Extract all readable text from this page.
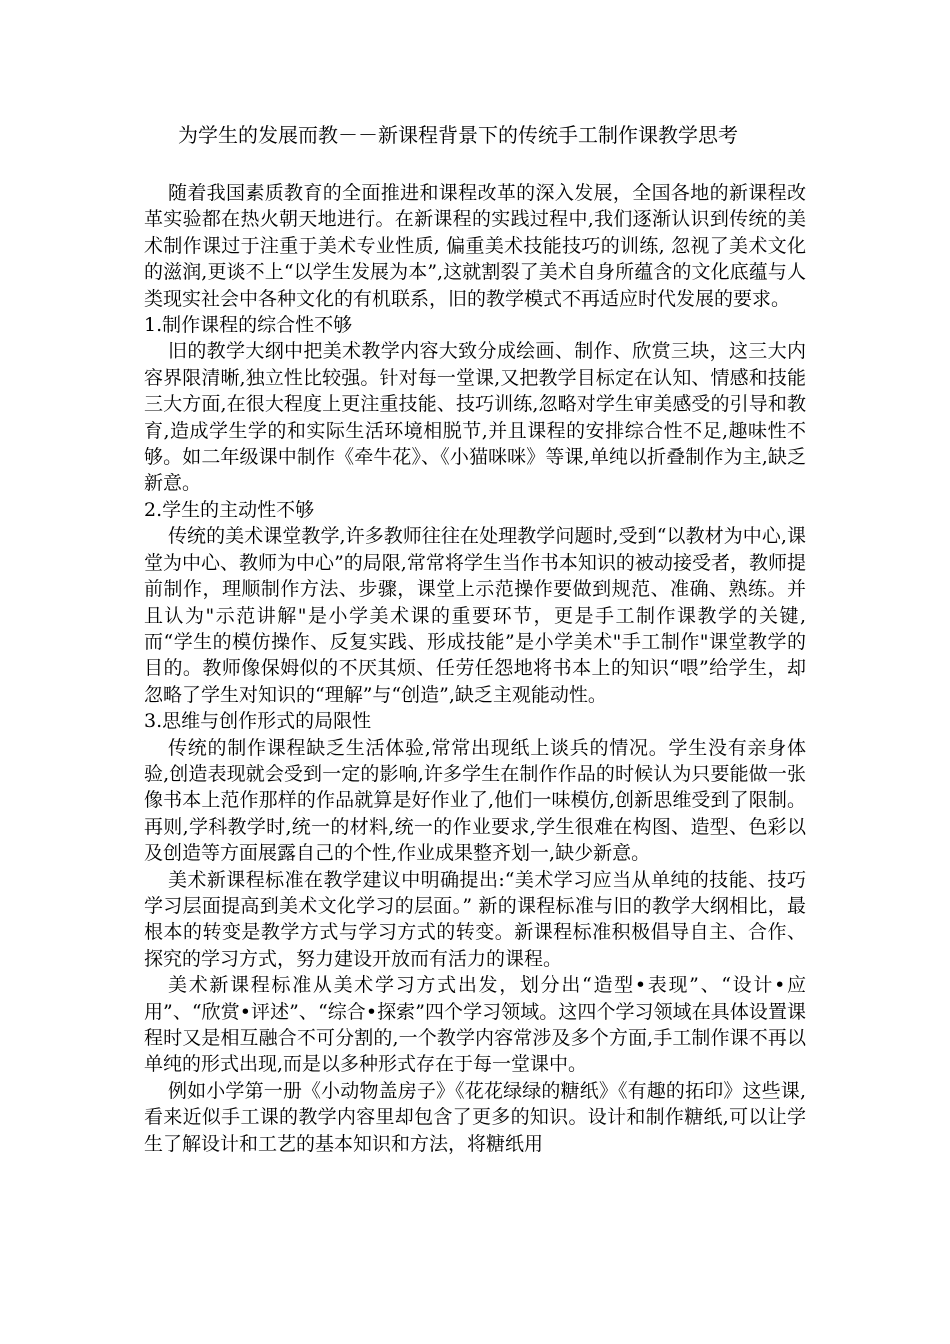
为学生的发展而教－－新课程背景下的传统手工制作课教学思考

随着我国素质教育的全面推进和课程改革的深入发展，全国各地的新课程改革实验都在热火朝天地进行。在新课程的实践过程中,我们逐渐认识到传统的美术制作课过于注重于美术专业性质, 偏重美术技能技巧的训练, 忽视了美术文化的滋润,更谈不上“以学生发展为本”,这就割裂了美术自身所蕴含的文化底蕴与人类现实社会中各种文化的有机联系，旧的教学模式不再适应时代发展的要求。

1.制作课程的综合性不够

旧的教学大纲中把美术教学内容大致分成绘画、制作、欣赏三块，这三大内容界限清晰,独立性比较强。针对每一堂课,又把教学目标定在认知、情感和技能三大方面,在很大程度上更注重技能、技巧训练,忽略对学生审美感受的引导和教育,造成学生学的和实际生活环境相脱节,并且课程的安排综合性不足,趣味性不够。如二年级课中制作《牵牛花》、《小猫咪咪》等课,单纯以折叠制作为主,缺乏新意。

2.学生的主动性不够

传统的美术课堂教学,许多教师往往在处理教学问题时,受到“以教材为中心,课堂为中心、教师为中心”的局限,常常将学生当作书本知识的被动接受者，教师提前制作，理顺制作方法、步骤，课堂上示范操作要做到规范、准确、熟练。并且认为"示范讲解"是小学美术课的重要环节，更是手工制作课教学的关键, 而“学生的模仿操作、反复实践、形成技能”是小学美术"手工制作"课堂教学的目的。教师像保姆似的不厌其烦、任劳任怨地将书本上的知识“喂”给学生，却忽略了学生对知识的“理解”与“创造”,缺乏主观能动性。

3.思维与创作形式的局限性

传统的制作课程缺乏生活体验,常常出现纸上谈兵的情况。学生没有亲身体验,创造表现就会受到一定的影响,许多学生在制作作品的时候认为只要能做一张像书本上范作那样的作品就算是好作业了,他们一味模仿,创新思维受到了限制。再则,学科教学时,统一的材料,统一的作业要求,学生很难在构图、造型、色彩以及创造等方面展露自己的个性,作业成果整齐划一,缺少新意。

美术新课程标准在教学建议中明确提出:“美术学习应当从单纯的技能、技巧学习层面提高到美术文化学习的层面。” 新的课程标准与旧的教学大纲相比，最根本的转变是教学方式与学习方式的转变。新课程标准积极倡导自主、合作、探究的学习方式，努力建设开放而有活力的课程。

美术新课程标准从美术学习方式出发，划分出“造型•表现”、“设计•应用”、“欣赏•评述”、“综合•探索”四个学习领域。这四个学习领域在具体设置课程时又是相互融合不可分割的,一个教学内容常涉及多个方面,手工制作课不再以单纯的形式出现,而是以多种形式存在于每一堂课中。

例如小学第一册《小动物盖房子》《花花绿绿的糖纸》《有趣的拓印》这些课,看来近似手工课的教学内容里却包含了更多的知识。设计和制作糖纸,可以让学生了解设计和工艺的基本知识和方法，将糖纸用
